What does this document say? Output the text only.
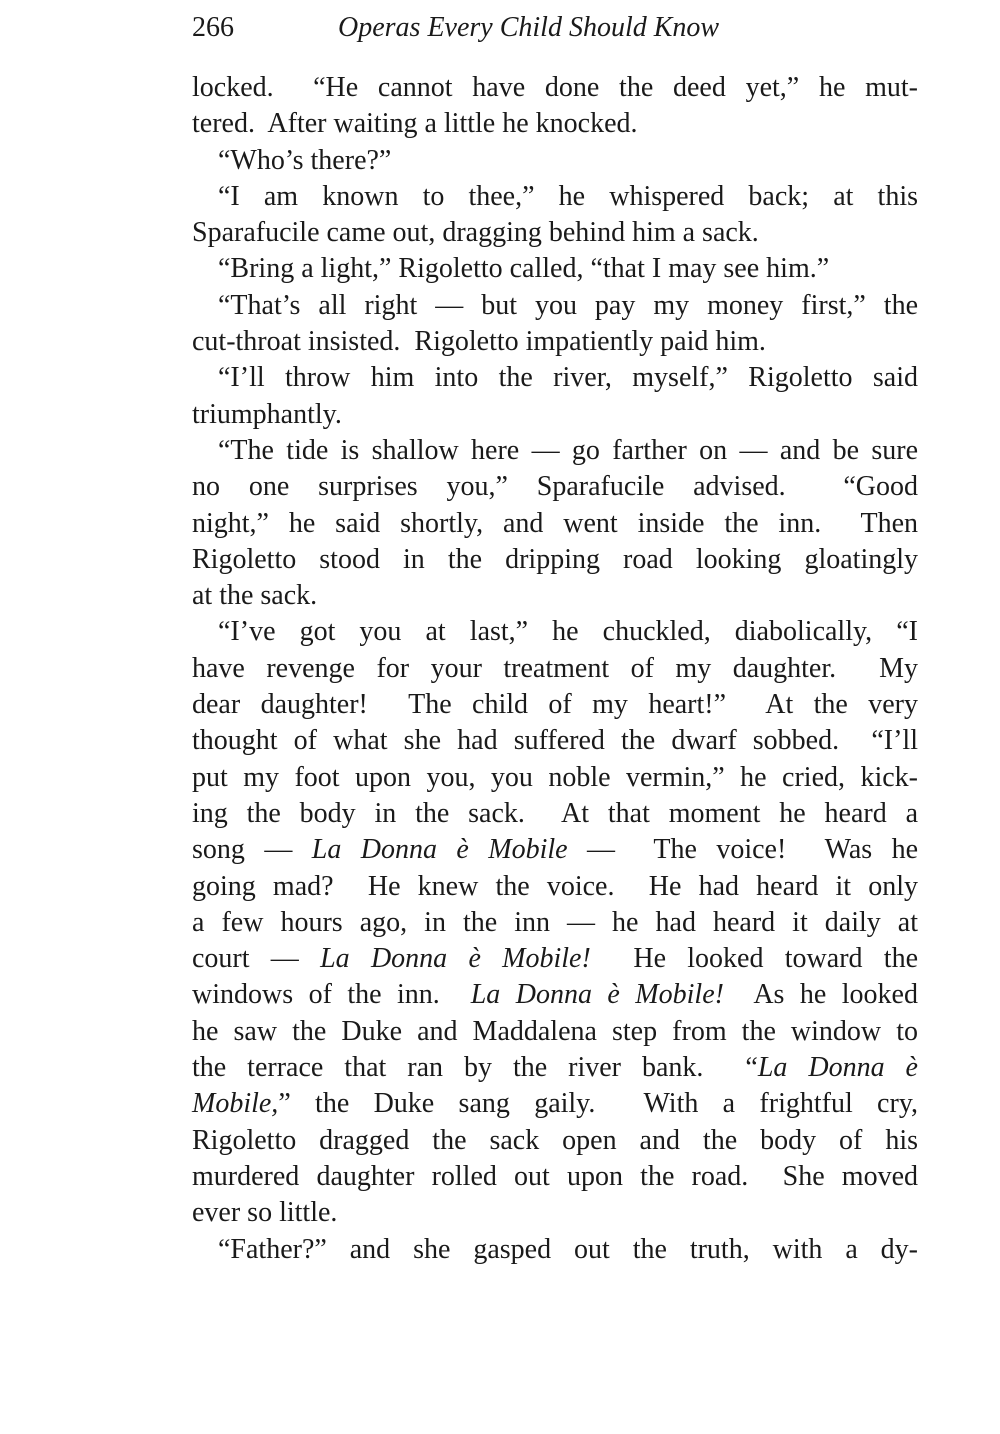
266	Operas Every Child Should Know
locked.  “He cannot have done the deed yet,” he mut-
tered.  After waiting a little he knocked.
“Who’s there?”
“I am known to thee,” he whispered back; at this
Sparafucile came out, dragging behind him a sack.
“Bring a light,” Rigoletto called, “that I may see him.”
“That’s all right — but you pay my money first,” the
cut-throat insisted.  Rigoletto impatiently paid him.
“I’ll throw him into the river, myself,” Rigoletto said
triumphantly.
“The tide is shallow here — go farther on — and be sure
no one surprises you,” Sparafucile advised.  “Good
night,” he said shortly, and went inside the inn.  Then
Rigoletto stood in the dripping road looking gloatingly
at the sack.
“I’ve got you at last,” he chuckled, diabolically, “I
have revenge for your treatment of my daughter.  My
dear daughter!  The child of my heart!”  At the very
thought of what she had suffered the dwarf sobbed.  “I’ll
put my foot upon you, you noble vermin,” he cried, kick-
ing the body in the sack.  At that moment he heard a
song — La Donna è Mobile —  The voice!  Was he
going mad?  He knew the voice.  He had heard it only
a few hours ago, in the inn — he had heard it daily at
court — La Donna è Mobile!  He looked toward the
windows of the inn.  La Donna è Mobile!  As he looked
he saw the Duke and Maddalena step from the window to
the terrace that ran by the river bank.  “La Donna è
Mobile,” the Duke sang gaily.  With a frightful cry,
Rigoletto dragged the sack open and the body of his
murdered daughter rolled out upon the road.  She moved
ever so little.
“Father?” and she gasped out the truth, with a dy-
